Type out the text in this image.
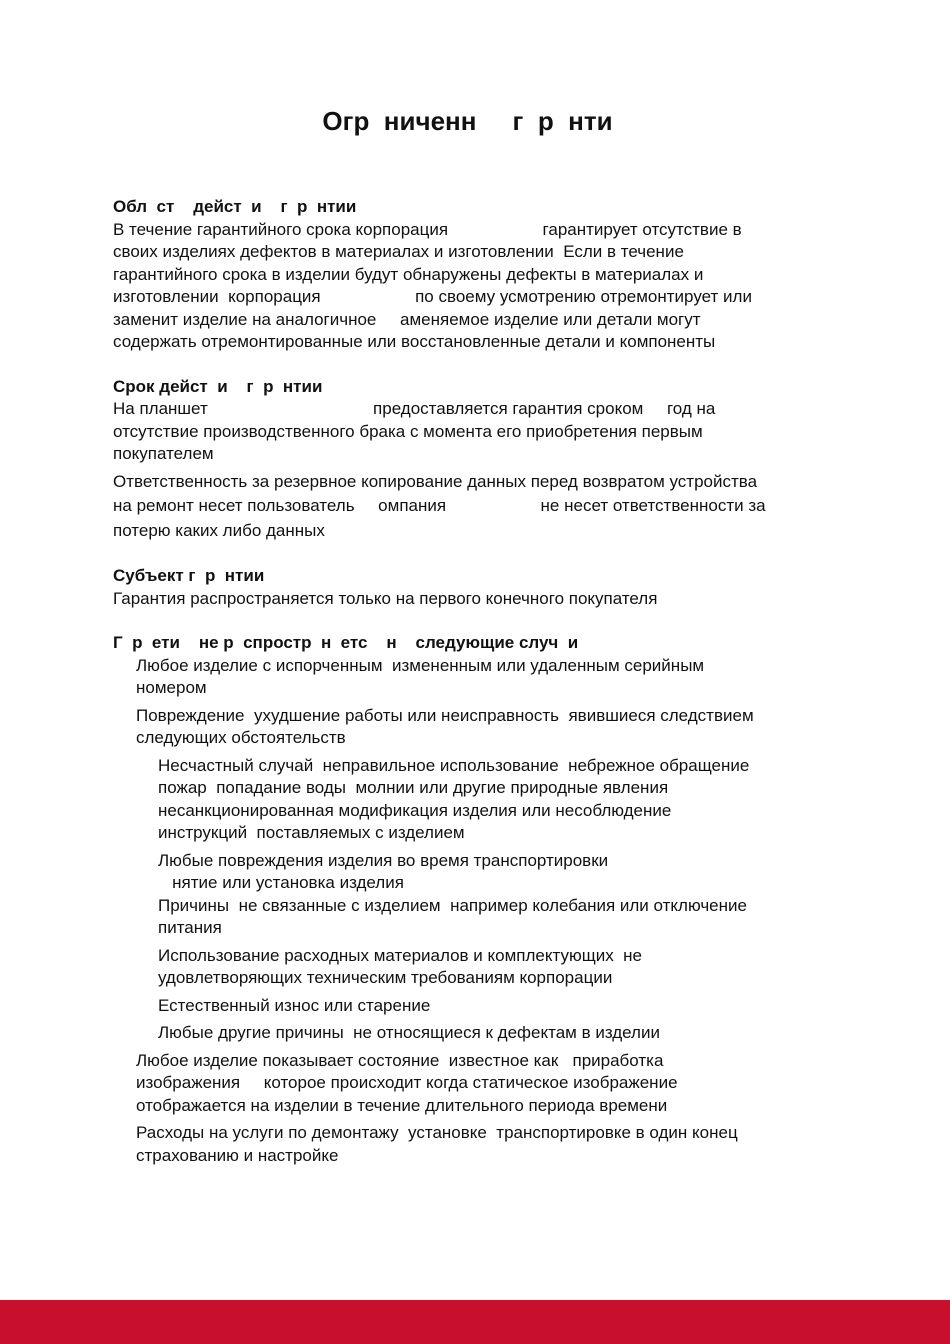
Огр  ниченн     г  р  нти
Обл  ст    дейст  и    г  р  нтии
В течение гарантийного срока корпорация                    гарантирует отсутствие в
своих изделиях дефектов в материалах и изготовлении  Если в течение
гарантийного срока в изделии будут обнаружены дефекты в материалах и
изготовлении  корпорация                    по своему усмотрению отремонтирует или
заменит изделие на аналогичное     аменяемое изделие или детали могут
содержать отремонтированные или восстановленные детали и компоненты
Срок дейст  и    г  р  нтии
На планшет                                   предоставляется гарантия сроком     год на
отсутствие производственного брака с момента его приобретения первым
покупателем
Ответственность за резервное копирование данных перед возвратом устройства
на ремонт несет пользователь     омпания                    не несет ответственности за
потерю каких либо данных
Субъект г  р  нтии
Гарантия распространяется только на первого конечного покупателя
Г  р  ети    не р  спростр  н  етс    н    следующие случ  и
Любое изделие с испорченным  измененным или удаленным серийным
номером
Повреждение  ухудшение работы или неисправность  явившиеся следствием
следующих обстоятельств
Несчастный случай  неправильное использование  небрежное обращение
пожар  попадание воды  молнии или другие природные явления
несанкционированная модификация изделия или несоблюдение
инструкций  поставляемых с изделием
Любые повреждения изделия во время транспортировки
нятие или установка изделия
Причины  не связанные с изделием  например колебания или отключение
питания
Использование расходных материалов и комплектующих  не
удовлетворяющих техническим требованиям корпорации
Естественный износ или старение
Любые другие причины  не относящиеся к дефектам в изделии
Любое изделие показывает состояние  известное как   приработка
изображения     которое происходит когда статическое изображение
отображается на изделии в течение длительного периода времени
Расходы на услуги по демонтажу  установке  транспортировке в один конец
страхованию и настройке
